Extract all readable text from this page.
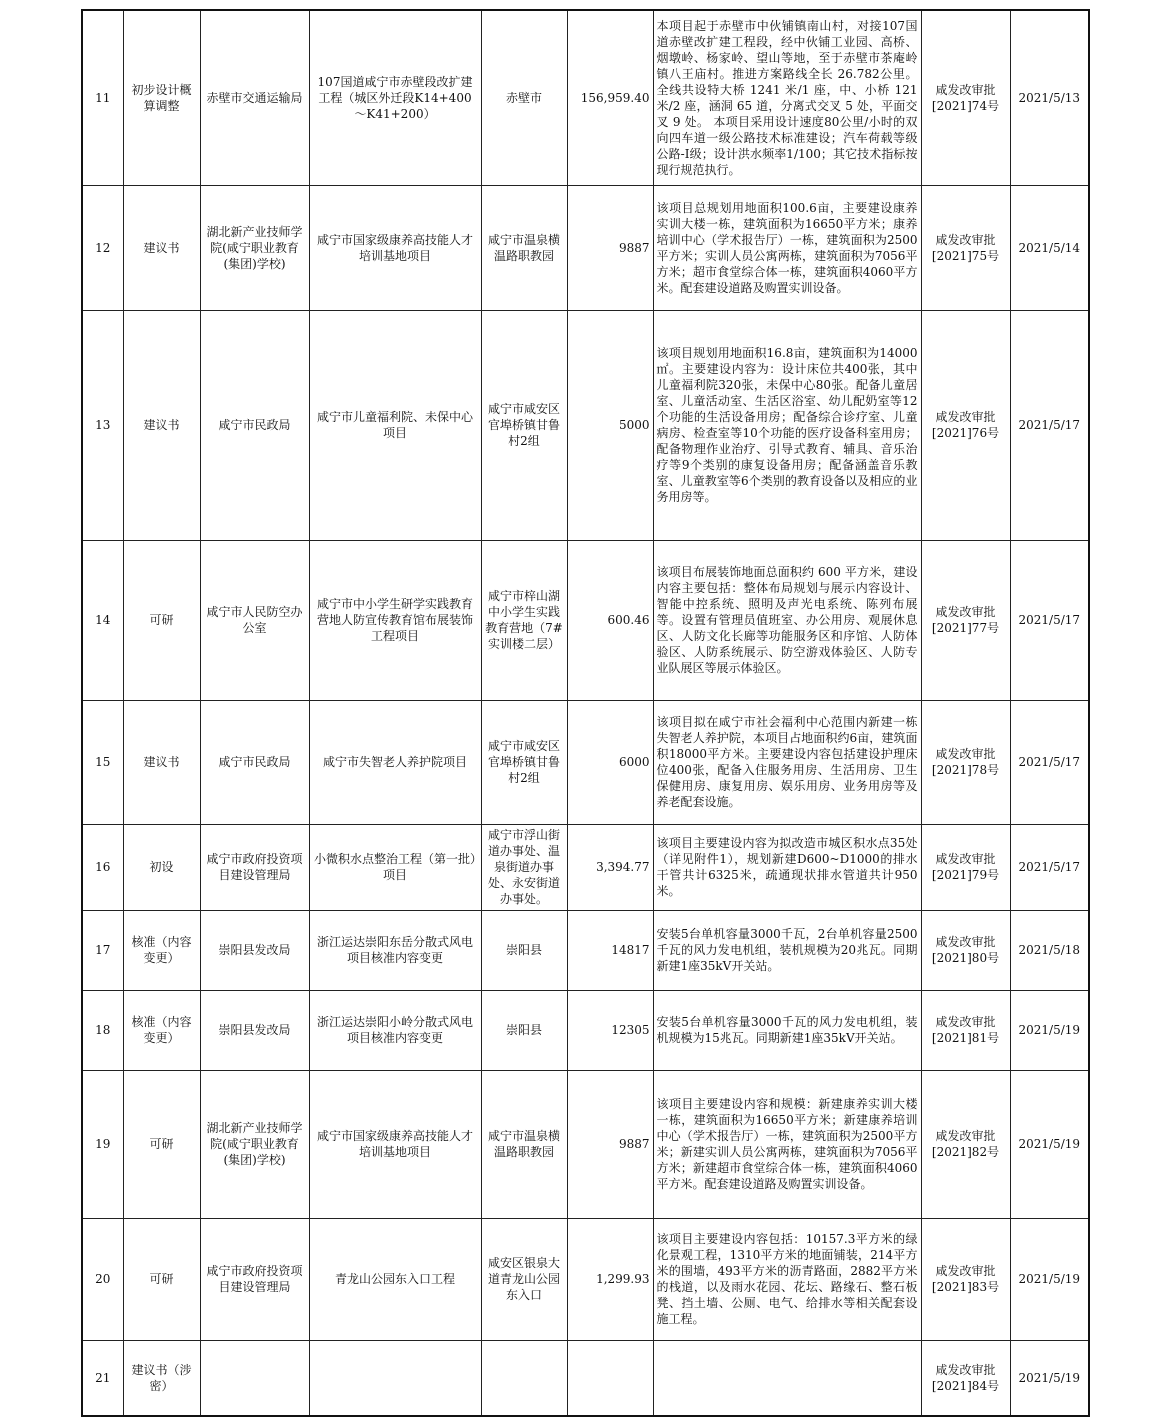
11	初步设计概算调整	赤壁市交通运输局	107国道咸宁市赤壁段改扩建工程（城区外迁段K14+400～K41+200）	赤壁市	156,959.40	本项目起于赤壁市中伙铺镇南山村，对接107国道赤壁改扩建工程段，经中伙铺工业园、高桥、烟墩岭、杨家岭、望山等地，至于赤壁市茶庵岭镇八王庙村。推进方案路线全长 26.782公里。 全线共设特大桥 1241 米/1 座，中、小桥 121 米/2 座，涵洞 65 道，分离式交叉 5 处，平面交叉 9 处。 本项目采用设计速度80公里/小时的双向四车道一级公路技术标准建设；汽车荷载等级公路-Ⅰ级；设计洪水频率1/100；其它技术指标按现行规范执行。	咸发改审批[2021]74号	2021/5/13
12	建议书	湖北新产业技师学院(咸宁职业教育(集团)学校)	咸宁市国家级康养高技能人才培训基地项目	咸宁市温泉横温路职教园	9887	该项目总规划用地面积100.6亩，主要建设康养实训大楼一栋，建筑面积为16650平方米；康养培训中心（学术报告厅）一栋，建筑面积为2500平方米；实训人员公寓两栋，建筑面积为7056平方米；超市食堂综合体一栋，建筑面积4060平方米。配套建设道路及购置实训设备。	咸发改审批[2021]75号	2021/5/14
13	建议书	咸宁市民政局	咸宁市儿童福利院、未保中心项目	咸宁市咸安区官埠桥镇甘鲁村2组	5000	该项目规划用地面积16.8亩，建筑面积为14000㎡。主要建设内容为：设计床位共400张，其中儿童福利院320张，未保中心80张。配备儿童居室、儿童活动室、生活区浴室、幼儿配奶室等12个功能的生活设备用房；配备综合诊疗室、儿童病房、检查室等10个功能的医疗设备科室用房；配备物理作业治疗、引导式教育、辅具、音乐治疗等9个类别的康复设备用房；配备涵盖音乐教室、儿童教室等6个类别的教育设备以及相应的业务用房等。	咸发改审批[2021]76号	2021/5/17
14	可研	咸宁市人民防空办公室	咸宁市中小学生研学实践教育营地人防宣传教育馆布展装饰工程项目	咸宁市梓山湖中小学生实践教育营地（7#实训楼二层）	600.46	该项目布展装饰地面总面积约 600 平方米，建设内容主要包括：整体布局规划与展示内容设计、智能中控系统、照明及声光电系统、陈列布展等。设置有管理员值班室、办公用房、观展休息区、人防文化长廊等功能服务区和序馆、人防体验区、人防系统展示、防空游戏体验区、人防专业队展区等展示体验区。	咸发改审批[2021]77号	2021/5/17
15	建议书	咸宁市民政局	咸宁市失智老人养护院项目	咸宁市咸安区官埠桥镇甘鲁村2组	6000	该项目拟在咸宁市社会福利中心范围内新建一栋失智老人养护院，本项目占地面积约6亩，建筑面积18000平方米。主要建设内容包括建设护理床位400张，配备入住服务用房、生活用房、卫生保健用房、康复用房、娱乐用房、业务用房等及养老配套设施。	咸发改审批[2021]78号	2021/5/17
16	初设	咸宁市政府投资项目建设管理局	小微积水点整治工程（第一批）项目	咸宁市浮山街道办事处、温泉街道办事处、永安街道办事处。	3,394.77	该项目主要建设内容为拟改造市城区积水点35处（详见附件1），规划新建D600~D1000的排水干管共计6325米，疏通现状排水管道共计950米。	咸发改审批[2021]79号	2021/5/17
17	核准（内容变更）	崇阳县发改局	浙江运达崇阳东岳分散式风电项目核准内容变更	崇阳县	14817	安装5台单机容量3000千瓦，2台单机容量2500千瓦的风力发电机组，装机规模为20兆瓦。同期新建1座35kV开关站。	咸发改审批[2021]80号	2021/5/18
18	核准（内容变更）	崇阳县发改局	浙江运达崇阳小岭分散式风电项目核准内容变更	崇阳县	12305	安装5台单机容量3000千瓦的风力发电机组，装机规模为15兆瓦。同期新建1座35kV开关站。	咸发改审批[2021]81号	2021/5/19
19	可研	湖北新产业技师学院(咸宁职业教育(集团)学校)	咸宁市国家级康养高技能人才培训基地项目	咸宁市温泉横温路职教园	9887	该项目主要建设内容和规模：新建康养实训大楼一栋，建筑面积为16650平方米；新建康养培训中心（学术报告厅）一栋，建筑面积为2500平方米；新建实训人员公寓两栋，建筑面积为7056平方米；新建超市食堂综合体一栋，建筑面积4060平方米。配套建设道路及购置实训设备。	咸发改审批[2021]82号	2021/5/19
20	可研	咸宁市政府投资项目建设管理局	青龙山公园东入口工程	咸安区银泉大道青龙山公园东入口	1,299.93	该项目主要建设内容包括：10157.3平方米的绿化景观工程，1310平方米的地面铺装，214平方米的围墙，493平方米的沥青路面，2882平方米的栈道，以及雨水花园、花坛、路缘石、整石板凳、挡土墙、公厕、电气、给排水等相关配套设施工程。	咸发改审批[2021]83号	2021/5/19
21	建议书（涉密）						咸发改审批[2021]84号	2021/5/19
